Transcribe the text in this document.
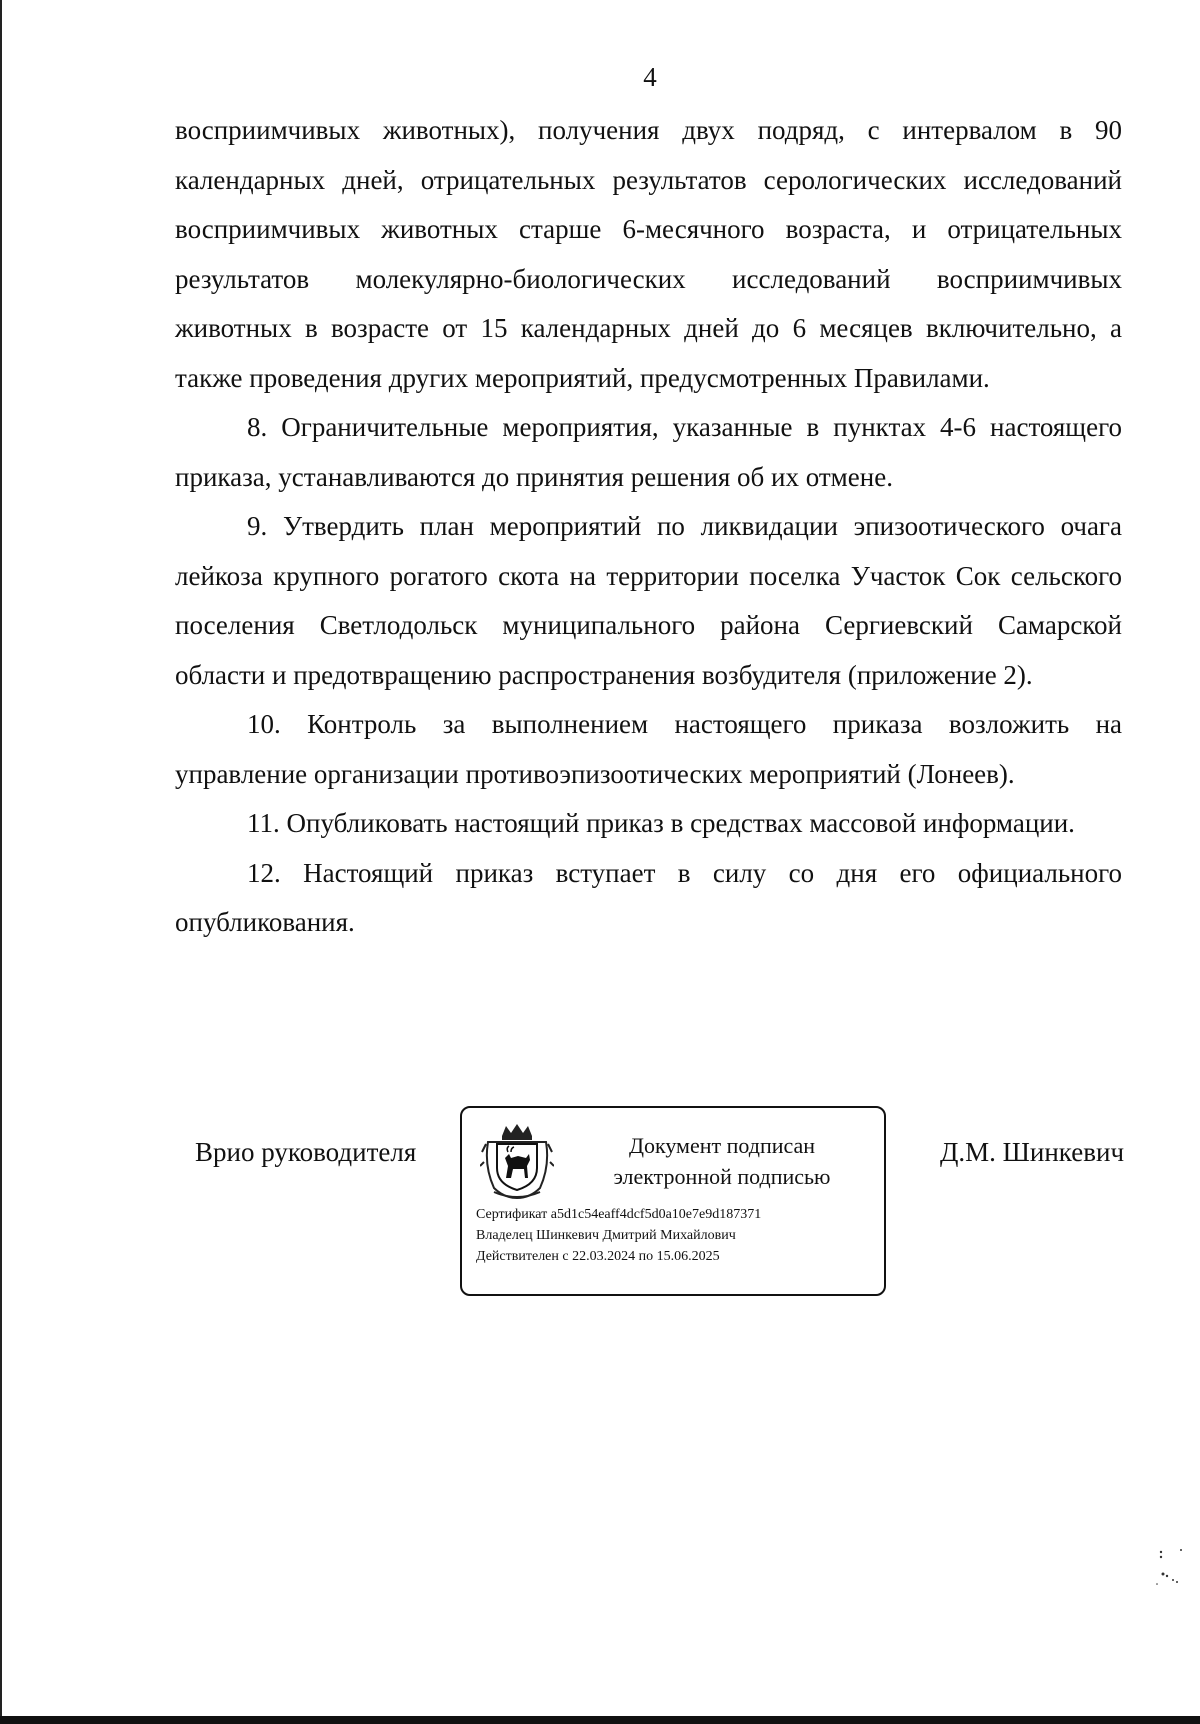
4

восприимчивых животных), получения двух подряд, с интервалом в 90 календарных дней, отрицательных результатов серологических исследований восприимчивых животных старше 6-месячного возраста, и отрицательных результатов молекулярно-биологических исследований восприимчивых животных в возрасте от 15 календарных дней до 6 месяцев включительно, а также проведения других мероприятий, предусмотренных Правилами.

8. Ограничительные мероприятия, указанные в пунктах 4-6 настоящего приказа, устанавливаются до принятия решения об их отмене.

9. Утвердить план мероприятий по ликвидации эпизоотического очага лейкоза крупного рогатого скота на территории поселка Участок Сок сельского поселения Светлодольск муниципального района Сергиевский Самарской области и предотвращению распространения возбудителя (приложение 2).

10. Контроль за выполнением настоящего приказа возложить на управление организации противоэпизоотических мероприятий (Лонеев).

11. Опубликовать настоящий приказ в средствах массовой информации.

12. Настоящий приказ вступает в силу со дня его официального опубликования.

Врио руководителя	Документ подписан
электронной подписью
Сертификат a5d1c54eaff4dcf5d0a10e7e9d187371
Владелец Шинкевич Дмитрий Михайлович
Действителен с 22.03.2024 по 15.06.2025
Д.М. Шинкевич
